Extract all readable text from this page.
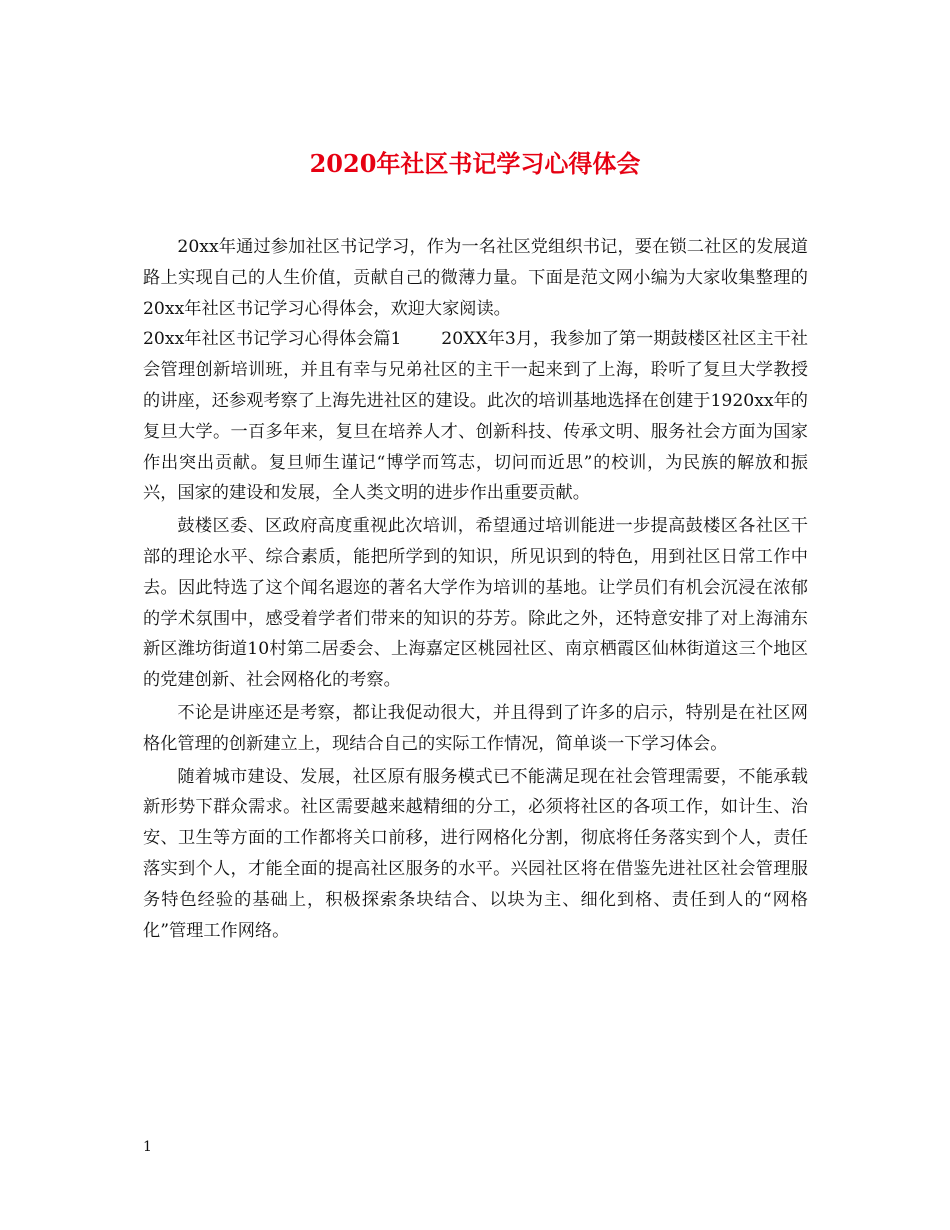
2020年社区书记学习心得体会

20xx年通过参加社区书记学习，作为一名社区党组织书记，要在锁二社区的发展道路上实现自己的人生价值，贡献自己的微薄力量。下面是范文网小编为大家收集整理的20xx年社区书记学习心得体会，欢迎大家阅读。

20xx年社区书记学习心得体会篇1　　 20XX年3月，我参加了第一期鼓楼区社区主干社会管理创新培训班，并且有幸与兄弟社区的主干一起来到了上海，聆听了复旦大学教授的讲座，还参观考察了上海先进社区的建设。此次的培训基地选择在创建于1920xx年的复旦大学。一百多年来，复旦在培养人才、创新科技、传承文明、服务社会方面为国家作出突出贡献。复旦师生谨记“博学而笃志，切问而近思”的校训，为民族的解放和振兴，国家的建设和发展，全人类文明的进步作出重要贡献。

鼓楼区委、区政府高度重视此次培训，希望通过培训能进一步提高鼓楼区各社区干部的理论水平、综合素质，能把所学到的知识，所见识到的特色，用到社区日常工作中去。因此特选了这个闻名遐迩的著名大学作为培训的基地。让学员们有机会沉浸在浓郁的学术氛围中，感受着学者们带来的知识的芬芳。除此之外，还特意安排了对上海浦东新区潍坊街道10村第二居委会、上海嘉定区桃园社区、南京栖霞区仙林街道这三个地区的党建创新、社会网格化的考察。

不论是讲座还是考察，都让我促动很大，并且得到了许多的启示，特别是在社区网格化管理的创新建立上，现结合自己的实际工作情况，简单谈一下学习体会。

随着城市建设、发展，社区原有服务模式已不能满足现在社会管理需要，不能承载新形势下群众需求。社区需要越来越精细的分工，必须将社区的各项工作，如计生、治安、卫生等方面的工作都将关口前移，进行网格化分割，彻底将任务落实到个人，责任落实到个人，才能全面的提高社区服务的水平。兴园社区将在借鉴先进社区社会管理服务特色经验的基础上，积极探索条块结合、以块为主、细化到格、责任到人的“网格化”管理工作网络。

1
